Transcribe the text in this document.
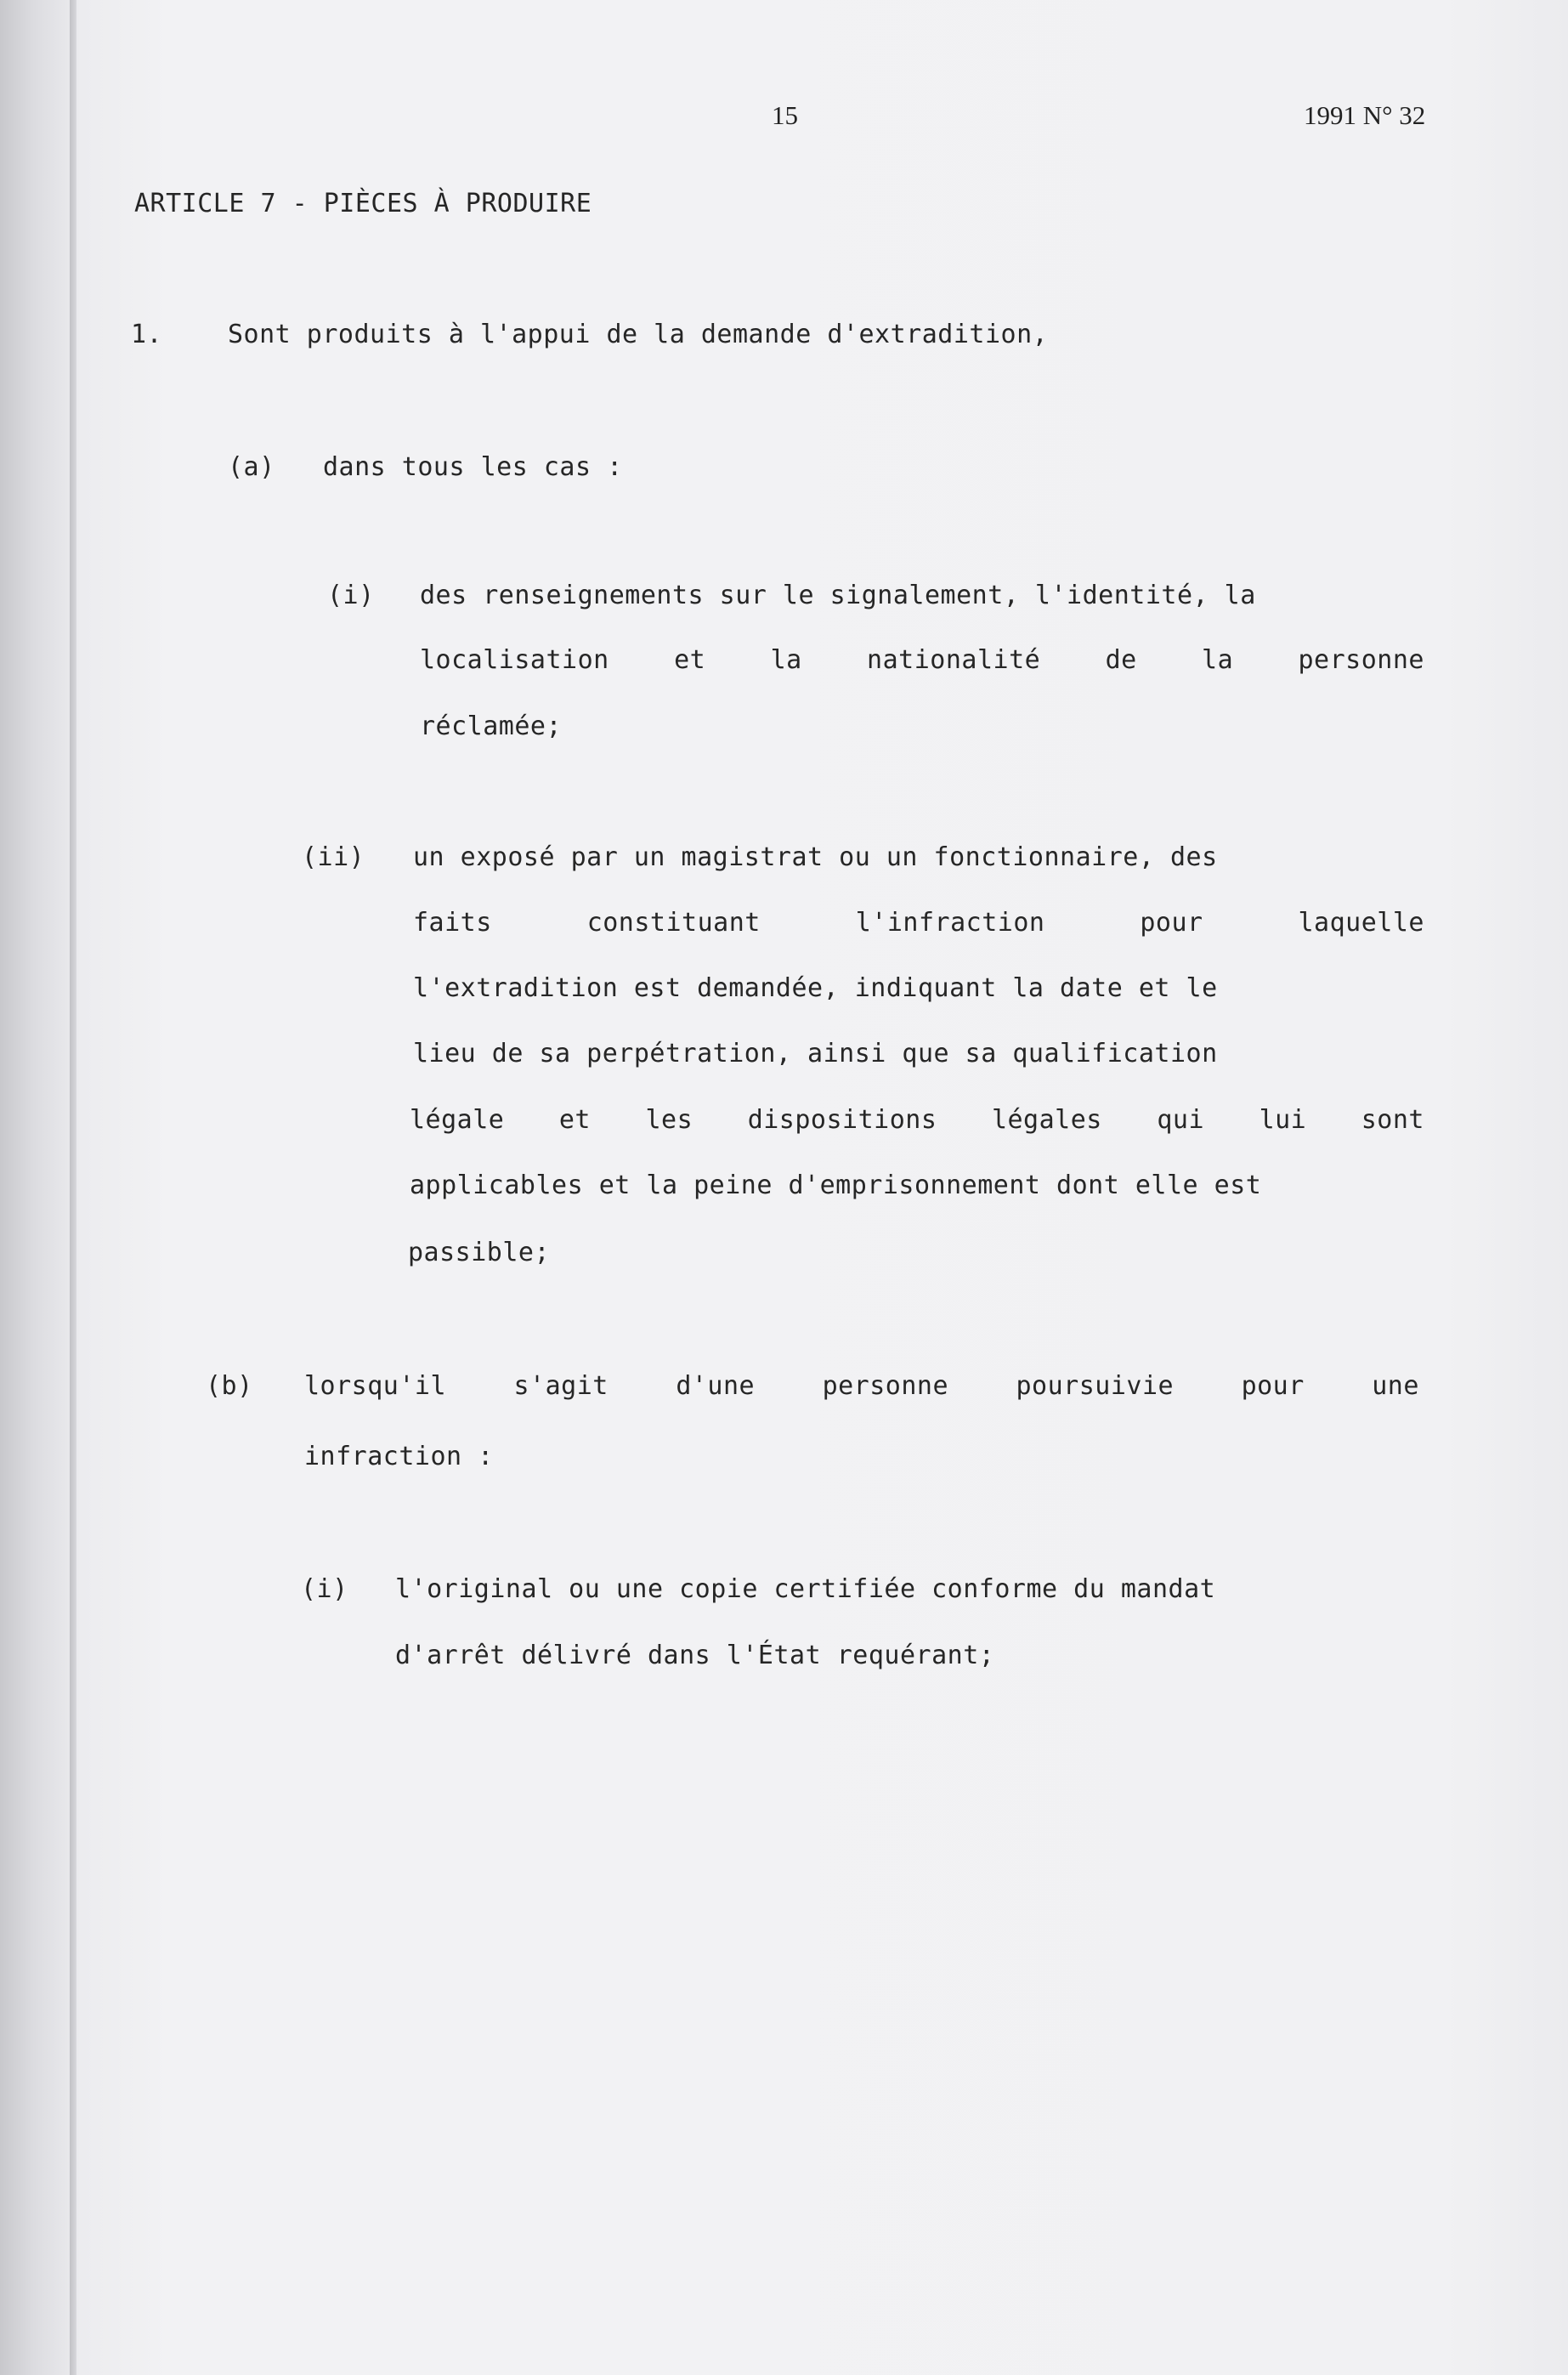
15	1991 N° 32
ARTICLE 7 - PIÈCES À PRODUIRE
1.	Sont produits à l'appui de la demande d'extradition,
(a) dans tous les cas :
(i) des renseignements sur le signalement, l'identité, la
localisation	et	la	nationalité	de	la	personne
réclamée;
(ii) un exposé par un magistrat ou un fonctionnaire, des
faits	constituant	l'infraction	pour	laquelle
l'extradition est demandée, indiquant la date et le
lieu de sa perpétration, ainsi que sa qualification
légale et les dispositions légales qui lui sont
applicables et la peine d'emprisonnement dont elle est
passible;
(b) lorsqu'il	s'agit	d'une	personne	poursuivie	pour	une
infraction :
(i) l'original ou une copie certifiée conforme du mandat
d'arrêt délivré dans l'État requérant;
